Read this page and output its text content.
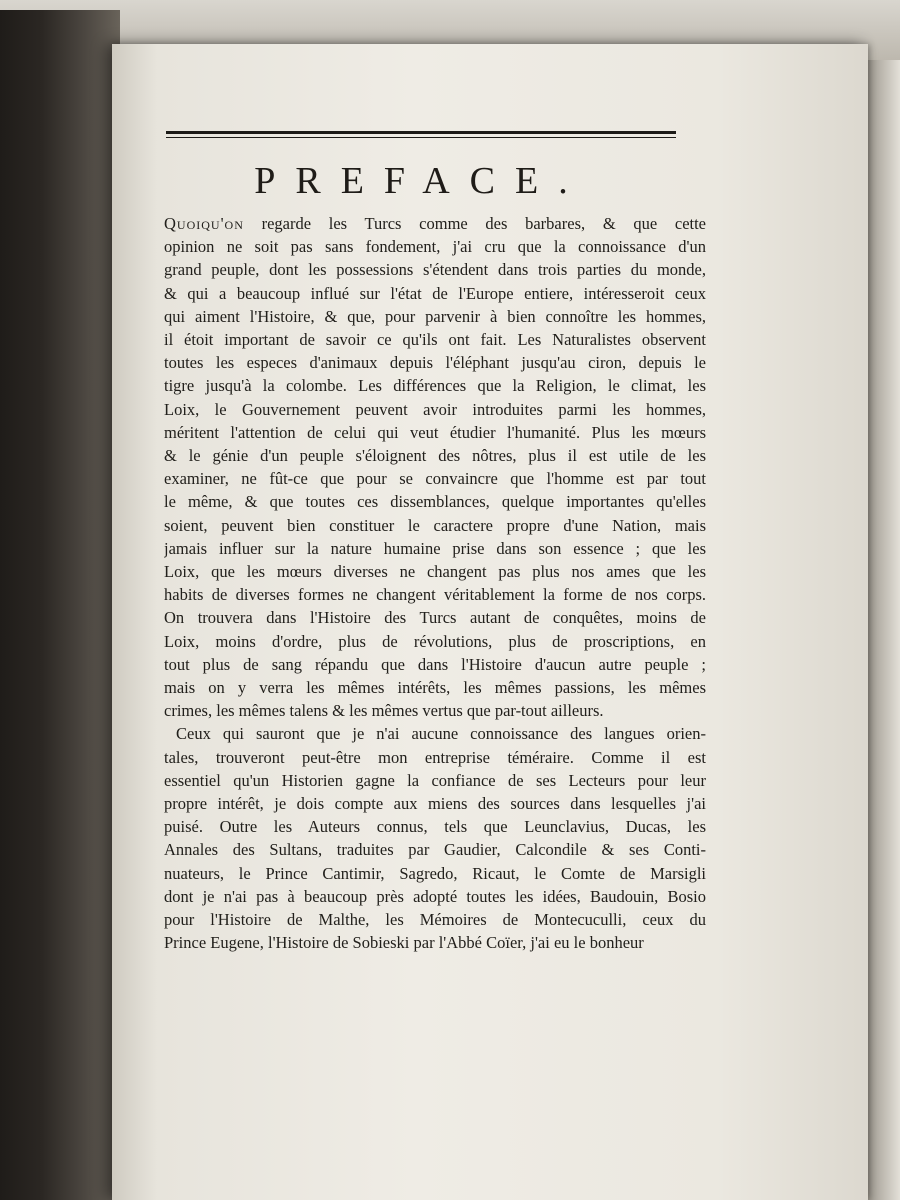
PREFACE.
Quoiqu'on regarde les Turcs comme des barbares, & que cette
opinion ne soit pas sans fondement, j'ai cru que la connoissance d'un
grand peuple, dont les possessions s'étendent dans trois parties du monde,
& qui a beaucoup influé sur l'état de l'Europe entiere, intéresseroit ceux
qui aiment l'Histoire, & que, pour parvenir à bien connoître les hommes,
il étoit important de savoir ce qu'ils ont fait. Les Naturalistes observent
toutes les especes d'animaux depuis l'éléphant jusqu'au ciron, depuis le
tigre jusqu'à la colombe. Les différences que la Religion, le climat, les
Loix, le Gouvernement peuvent avoir introduites parmi les hommes,
méritent l'attention de celui qui veut étudier l'humanité. Plus les mœurs
& le génie d'un peuple s'éloignent des nôtres, plus il est utile de les
examiner, ne fût-ce que pour se convaincre que l'homme est par tout
le même, & que toutes ces dissemblances, quelque importantes qu'elles
soient, peuvent bien constituer le caractere propre d'une Nation, mais
jamais influer sur la nature humaine prise dans son essence ; que les
Loix, que les mœurs diverses ne changent pas plus nos ames que les
habits de diverses formes ne changent véritablement la forme de nos corps.
On trouvera dans l'Histoire des Turcs autant de conquêtes, moins de
Loix, moins d'ordre, plus de révolutions, plus de proscriptions, en
tout plus de sang répandu que dans l'Histoire d'aucun autre peuple ;
mais on y verra les mêmes intérêts, les mêmes passions, les mêmes
crimes, les mêmes talens & les mêmes vertus que par-tout ailleurs.
Ceux qui sauront que je n'ai aucune connoissance des langues orien-
tales, trouveront peut-être mon entreprise téméraire. Comme il est
essentiel qu'un Historien gagne la confiance de ses Lecteurs pour leur
propre intérêt, je dois compte aux miens des sources dans lesquelles j'ai
puisé. Outre les Auteurs connus, tels que Leunclavius, Ducas, les
Annales des Sultans, traduites par Gaudier, Calcondile & ses Conti-
nuateurs, le Prince Cantimir, Sagredo, Ricaut, le Comte de Marsigli
dont je n'ai pas à beaucoup près adopté toutes les idées, Baudouin, Bosio
pour l'Histoire de Malthe, les Mémoires de Montecuculli, ceux du
Prince Eugene, l'Histoire de Sobieski par l'Abbé Coïer, j'ai eu le bonheur
